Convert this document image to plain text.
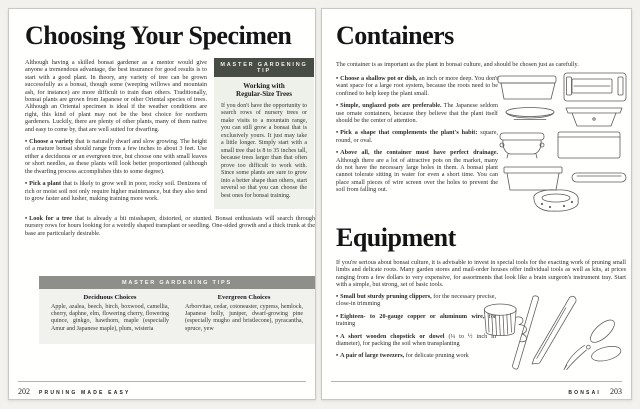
Choosing Your Specimen

Although having a skilled bonsai gardener as a mentor would give anyone a tremendous advantage, the best insurance for good results is to start with a good plant. In theory, any variety of tree can be grown successfully as a bonsai, though some (weeping willows and mountain ash, for instance) are more difficult to train than others. Traditionally, bonsai plants are grown from Japanese or other Oriental species of trees. Although an Oriental specimen is ideal if the weather conditions are right, this kind of plant may not be the best choice for northern gardeners. Luckily, there are plenty of other plants, many of them native and easy to come by, that are well suited for dwarfing.

• Choose a variety that is naturally dwarf and slow growing. The height of a mature bonsai should range from a few inches to about 3 feet. Use either a deciduous or an evergreen tree, but choose one with small leaves or short needles, as these plants will look better proportioned (although the dwarfing process accomplishes this to some degree).

• Pick a plant that is likely to grow well in poor, rocky soil. Denizens of rich or moist soil not only require higher maintenance, but they also tend to grow faster and lusher, making training more work.

MASTER GARDENING TIP
Working with
Regular-Size Trees

If you don't have the opportunity to search rows of nursery trees or make visits to a mountain range, you can still grow a bonsai that is exclusively yours. It just may take a little longer. Simply start with a small tree that is 8 to 35 inches tall, because trees larger than that often prove too difficult to work with. Since some plants are sure to grow into a better shape than others, start several so that you can choose the best ones for bonsai training.

• Look for a tree that is already a bit misshapen, distorted, or stunted. Bonsai enthusiasts will search through nursery rows for hours looking for a weirdly shaped transplant or seedling. One-sided growth and a thick trunk at the base are particularly desirable.

MASTER GARDENING TIPS
Deciduous Choices

Apple, azalea, beech, birch, boxwood, camellia, cherry, daphne, elm, flowering cherry, flowering quince, ginkgo, hawthorn, maple (especially Amur and Japanese maple), plum, wisteria

Evergreen Choices

Arborvitae, cedar, cotoneaster, cypress, hemlock, Japanese holly, juniper, dwarf-growing pine (especially mugho and bristlecone), pyracantha, spruce, yew

202 PRUNING MADE EASY
Containers

The container is as important as the plant in bonsai culture, and should be chosen just as carefully.

• Choose a shallow pot or dish, an inch or more deep. You don't want space for a large root system, because the roots need to be confined to help keep the plant small.

• Simple, unglazed pots are preferable. The Japanese seldom use ornate containers, because they believe that the plant itself should be the center of attention.

• Pick a shape that complements the plant's habit: square, round, or oval.

• Above all, the container must have perfect drainage. Although there are a lot of attractive pots on the market, many do not have the necessary large holes in them. A bonsai plant cannot tolerate sitting in water for even a short time. You can place small pieces of wire screen over the holes to prevent the soil from falling out.

Equipment

If you're serious about bonsai culture, it is advisable to invest in special tools for the exacting work of pruning small limbs and delicate roots. Many garden stores and mail-order houses offer individual tools as well as kits, at prices ranging from a few dollars to very expensive, for assortments that look like a brain surgeon's instrument tray. Start with a simple, but strong, set of basic tools.

• Small but sturdy pruning clippers, for the necessary precise, close-in trimming

• Eighteen- to 20-gauge copper or aluminum wire, for training

• A short wooden chopstick or dowel (¼ to ½ inch in diameter), for packing the soil when transplanting

• A pair of large tweezers, for delicate pruning work

BONSAI 203
